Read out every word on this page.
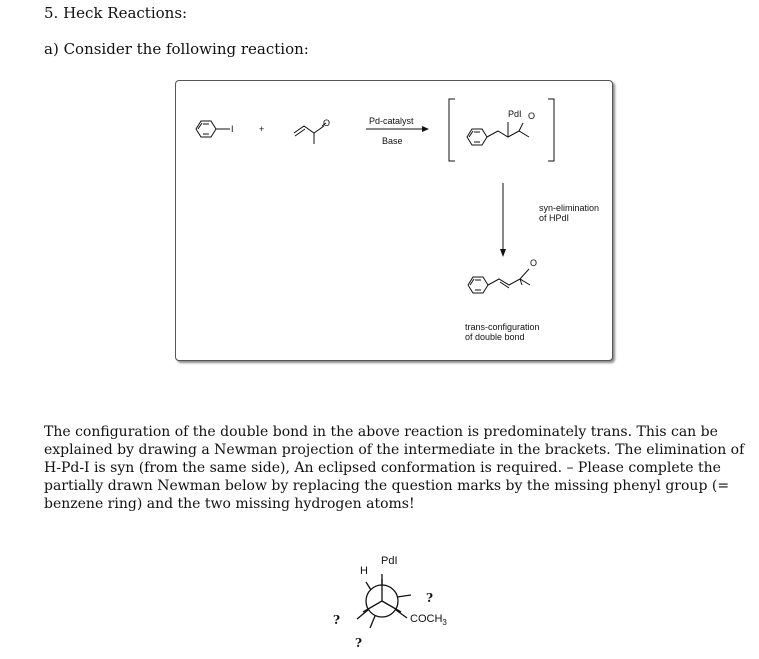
5. Heck Reactions:
a) Consider the following reaction:
I	+
O	Pd-catalyst
Base
PdI O
syn-elimination
of HPdI
O
trans-configuration
of double bond

The configuration of the double bond in the above reaction is predominately trans. This can be explained by drawing a Newman projection of the intermediate in the brackets. The elimination of H-Pd-I is syn (from the same side), An eclipsed conformation is required. – Please complete the partially drawn Newman below by replacing the question marks by the missing phenyl group (= benzene ring) and the two missing hydrogen atoms!

H
PdI
?
?
?
$COCH_3$
